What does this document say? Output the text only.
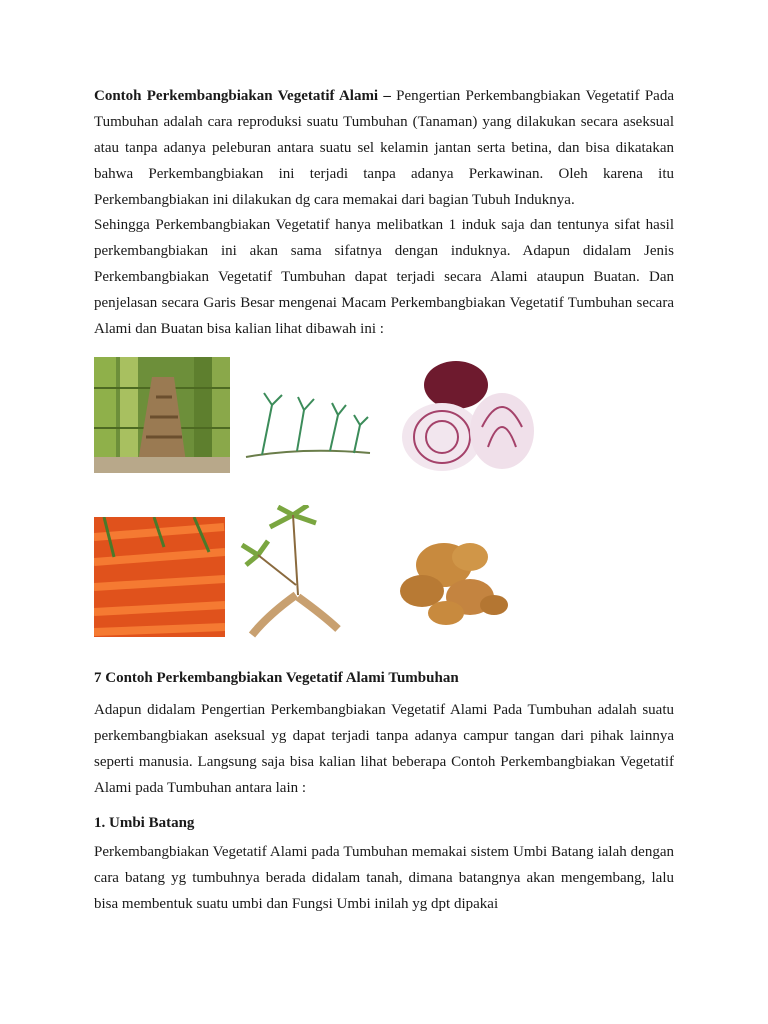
Contoh Perkembangbiakan Vegetatif Alami – Pengertian Perkembangbiakan Vegetatif Pada Tumbuhan adalah cara reproduksi suatu Tumbuhan (Tanaman) yang dilakukan secara aseksual atau tanpa adanya peleburan antara suatu sel kelamin jantan serta betina, dan bisa dikatakan bahwa Perkembangbiakan ini terjadi tanpa adanya Perkawinan. Oleh karena itu Perkembangbiakan ini dilakukan dg cara memakai dari bagian Tubuh Induknya.

Sehingga Perkembangbiakan Vegetatif hanya melibatkan 1 induk saja dan tentunya sifat hasil perkembangbiakan ini akan sama sifatnya dengan induknya. Adapun didalam Jenis Perkembangbiakan Vegetatif Tumbuhan dapat terjadi secara Alami ataupun Buatan. Dan penjelasan secara Garis Besar mengenai Macam Perkembangbiakan Vegetatif Tumbuhan secara Alami dan Buatan bisa kalian lihat dibawah ini :

7 Contoh Perkembangbiakan Vegetatif Alami Tumbuhan

Adapun didalam Pengertian Perkembangbiakan Vegetatif Alami Pada Tumbuhan adalah suatu perkembangbiakan aseksual yg dapat terjadi tanpa adanya campur tangan dari pihak lainnya seperti manusia. Langsung saja bisa kalian lihat beberapa Contoh Perkembangbiakan Vegetatif Alami pada Tumbuhan antara lain :

1. Umbi Batang

Perkembangbiakan Vegetatif Alami pada Tumbuhan memakai sistem Umbi Batang ialah dengan cara batang yg tumbuhnya berada didalam tanah, dimana batangnya akan mengembang, lalu bisa membentuk suatu umbi dan Fungsi Umbi inilah yg dpt dipakai
